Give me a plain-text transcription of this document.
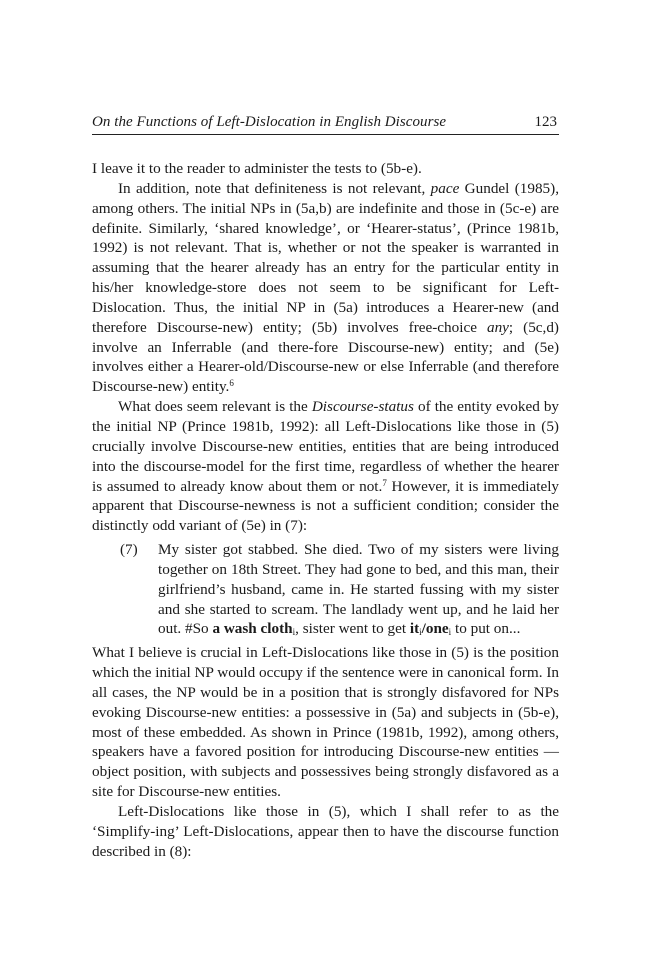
On the Functions of Left-Dislocation in English Discourse	123

I leave it to the reader to administer the tests to (5b-e).

In addition, note that definiteness is not relevant, pace Gundel (1985), among others. The initial NPs in (5a,b) are indefinite and those in (5c-e) are definite. Similarly, ‘shared knowledge’, or ‘Hearer-status’, (Prince 1981b, 1992) is not relevant. That is, whether or not the speaker is warranted in assuming that the hearer already has an entry for the particular entity in his/her knowledge-store does not seem to be significant for Left-Dislocation. Thus, the initial NP in (5a) introduces a Hearer-new (and therefore Discourse-new) entity; (5b) involves free-choice any; (5c,d) involve an Inferrable (and there-fore Discourse-new) entity; and (5e) involves either a Hearer-old/Discourse-new or else Inferrable (and therefore Discourse-new) entity.$^6$

What does seem relevant is the Discourse-status of the entity evoked by the initial NP (Prince 1981b, 1992): all Left-Dislocations like those in (5) crucially involve Discourse-new entities, entities that are being introduced into the discourse-model for the first time, regardless of whether the hearer is assumed to already know about them or not.$^7$ However, it is immediately apparent that Discourse-newness is not a sufficient condition; consider the distinctly odd variant of (5e) in (7):

(7)	My sister got stabbed. She died. Two of my sisters were living together on 18th Street. They had gone to bed, and this man, their girlfriend’s husband, came in. He started fussing with my sister and she started to scream. The landlady went up, and he laid her out. #So a wash cloth$_i$, sister went to get $it_i/one_i$ to put on...

What I believe is crucial in Left-Dislocations like those in (5) is the position which the initial NP would occupy if the sentence were in canonical form. In all cases, the NP would be in a position that is strongly disfavored for NPs evoking Discourse-new entities: a possessive in (5a) and subjects in (5b-e), most of these embedded. As shown in Prince (1981b, 1992), among others, speakers have a favored position for introducing Discourse-new entities — object position, with subjects and possessives being strongly disfavored as a site for Discourse-new entities.

Left-Dislocations like those in (5), which I shall refer to as the ‘Simplify-ing’ Left-Dislocations, appear then to have the discourse function described in (8):
